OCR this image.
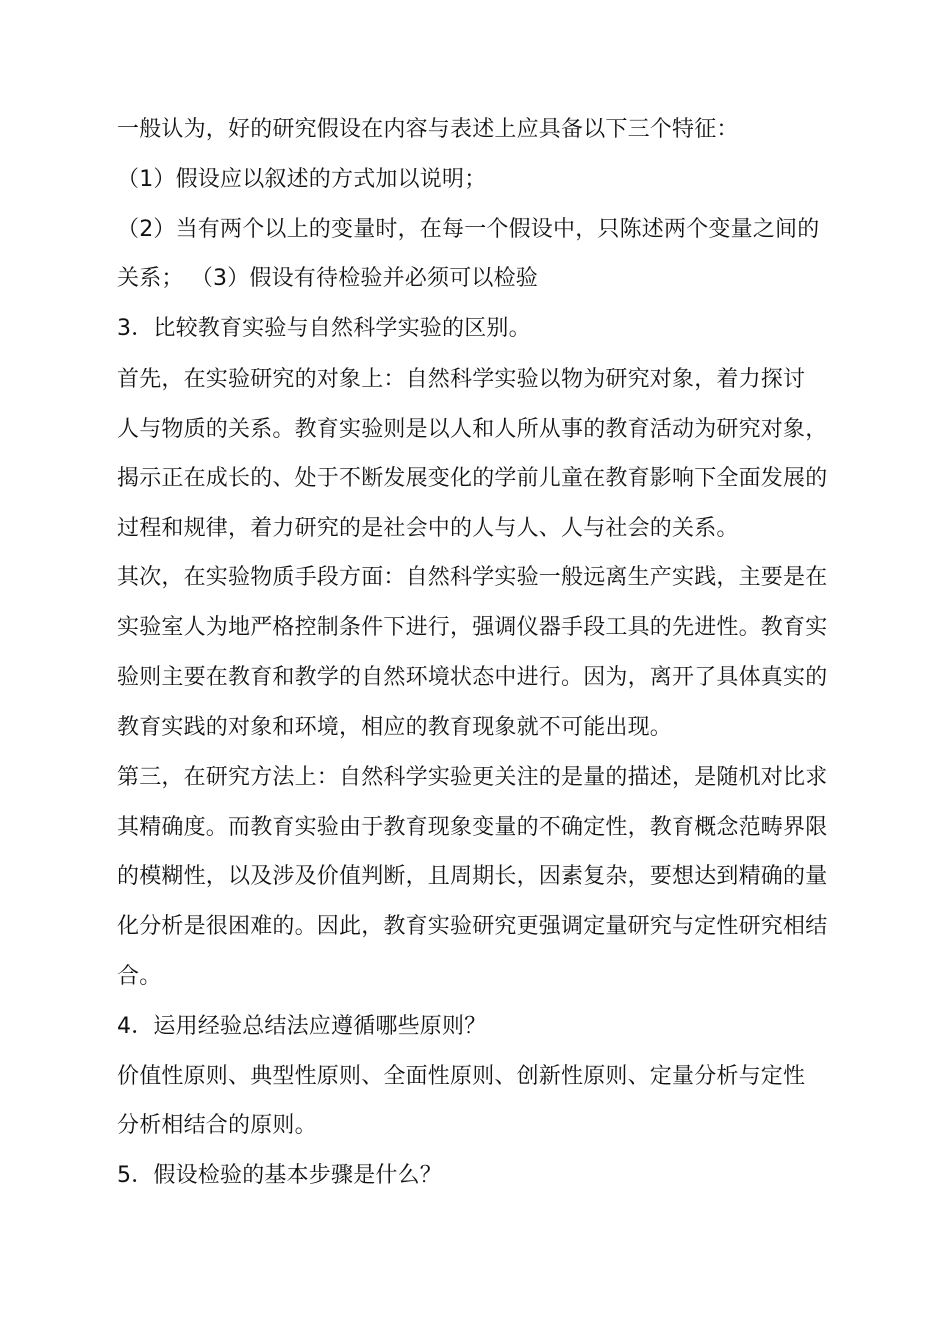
一般认为，好的研究假设在内容与表述上应具备以下三个特征：
（1）假设应以叙述的方式加以说明；
（2）当有两个以上的变量时，在每一个假设中，只陈述两个变量之间的
关系； （3）假设有待检验并必须可以检验
3．比较教育实验与自然科学实验的区别。
首先，在实验研究的对象上：自然科学实验以物为研究对象，着力探讨
人与物质的关系。教育实验则是以人和人所从事的教育活动为研究对象，
揭示正在成长的、处于不断发展变化的学前儿童在教育影响下全面发展的
过程和规律，着力研究的是社会中的人与人、人与社会的关系。
其次，在实验物质手段方面：自然科学实验一般远离生产实践，主要是在
实验室人为地严格控制条件下进行，强调仪器手段工具的先进性。教育实
验则主要在教育和教学的自然环境状态中进行。因为，离开了具体真实的
教育实践的对象和环境，相应的教育现象就不可能出现。
第三，在研究方法上：自然科学实验更关注的是量的描述，是随机对比求
其精确度。而教育实验由于教育现象变量的不确定性，教育概念范畴界限
的模糊性，以及涉及价值判断，且周期长，因素复杂，要想达到精确的量
化分析是很困难的。因此，教育实验研究更强调定量研究与定性研究相结
合。
4．运用经验总结法应遵循哪些原则？
价值性原则、典型性原则、全面性原则、创新性原则、定量分析与定性
分析相结合的原则。
5．假设检验的基本步骤是什么？
